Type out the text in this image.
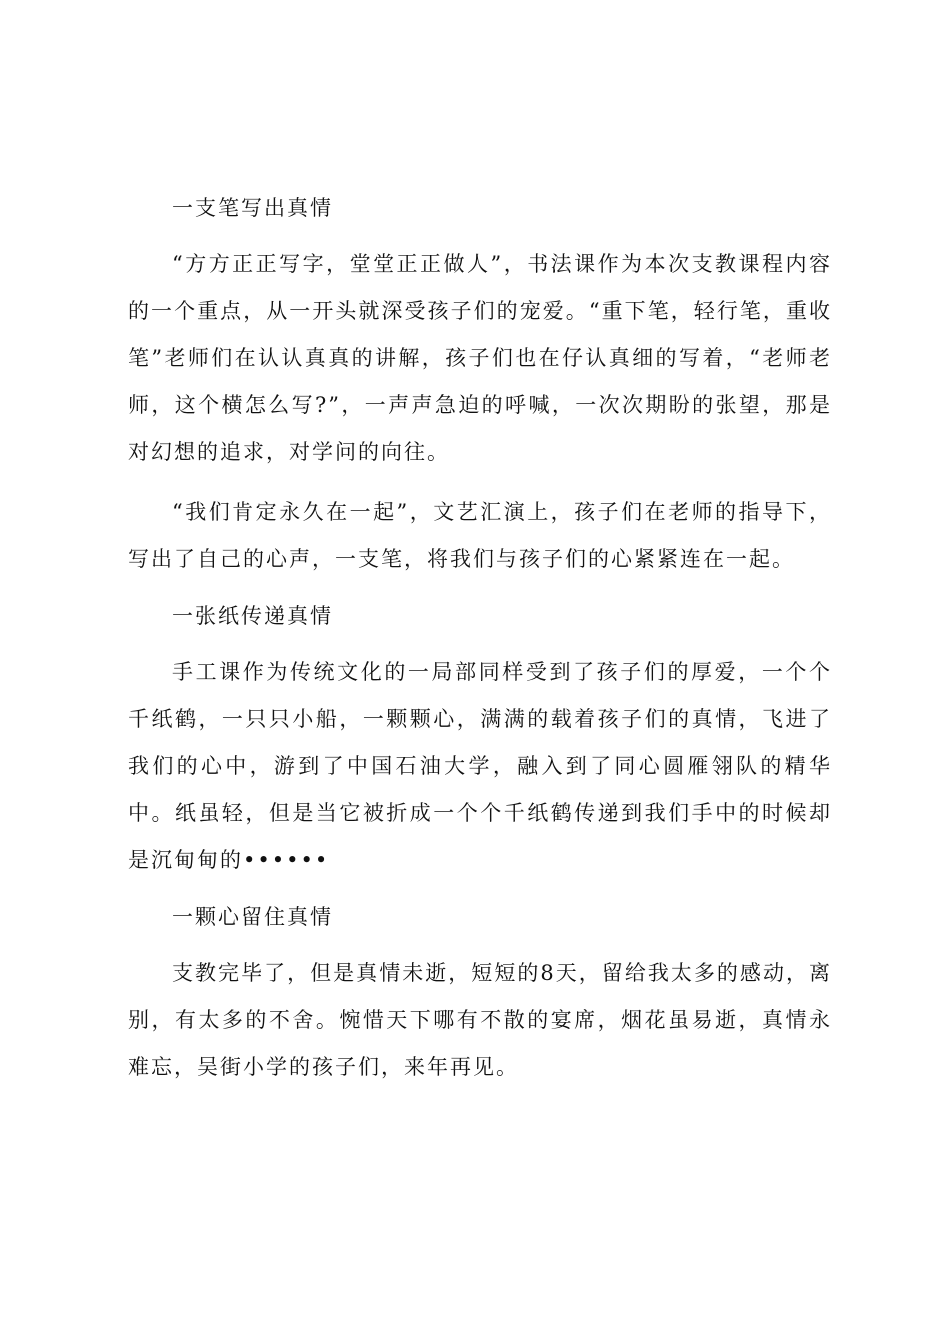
一支笔写出真情

“方方正正写字，堂堂正正做人”，书法课作为本次支教课程内容的一个重点，从一开头就深受孩子们的宠爱。“重下笔，轻行笔，重收笔”老师们在认认真真的讲解，孩子们也在仔认真细的写着，“老师老师，这个横怎么写?”，一声声急迫的呼喊，一次次期盼的张望，那是对幻想的追求，对学问的向往。

“我们肯定永久在一起”，文艺汇演上，孩子们在老师的指导下，写出了自己的心声，一支笔，将我们与孩子们的心紧紧连在一起。

一张纸传递真情

手工课作为传统文化的一局部同样受到了孩子们的厚爱，一个个千纸鹤，一只只小船，一颗颗心，满满的载着孩子们的真情，飞进了我们的心中，游到了中国石油大学，融入到了同心圆雁翎队的精华中。纸虽轻，但是当它被折成一个个千纸鹤传递到我们手中的时候却是沉甸甸的••••••

一颗心留住真情

支教完毕了，但是真情未逝，短短的8天，留给我太多的感动，离别，有太多的不舍。惋惜天下哪有不散的宴席，烟花虽易逝，真情永难忘，吴街小学的孩子们，来年再见。
